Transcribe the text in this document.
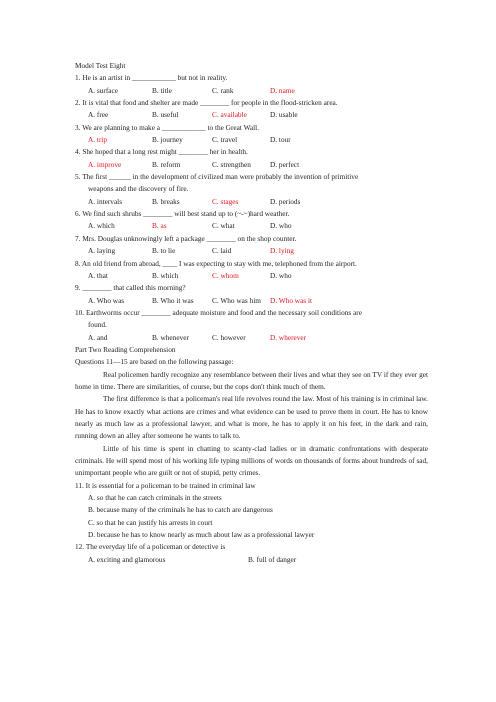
Model Test Eight
1. He is an artist in ____________ but not in reality.
A. surface	B. title	C. rank	D. name
2. It is vital that food and shelter are made ________ for people in the flood-stricken area.
A. free	B. useful	C. available	D. usable
3. We are planning to make a ____________ to the Great Wall.
A. trip	B. journey	C. travel	D. tour
4. She hoped that a long rest might ________ her in health.
A. improve	B. reform	C. strengthen	D. perfect
5. The first ______ in the development of civilized man were probably the invention of primitive
weapons and the discovery of fire.
A. intervals	B. breaks	C. stages	D. periods
6. We find such shrubs ________ will best stand up to (~-~)hard weather.
A. which	B. as	C. what	D. who
7. Mrs. Douglas unknowingly left a package ________ on the shop counter.
A. laying	B. to lie	C. laid	D. lying
8. An old friend from abroad, ____ I was expecting to stay with me, telephoned from the airport.
A. that	B. which	C. whom	D. who
9. ________ that called this morning?
A. Who was	B. Who it was	C. Who was him	D. Who was it
10. Earthworms occur ________ adequate moisture and food and the necessary soil conditions are
found.
A. and	B. whenever	C. however	D. wherever
Part Two Reading Comprehension
Questions 11—15 are based on the following passage:
Real policemen hardly recognize any resemblance between their lives and what they see on TV if they ever get home in time. There are similarities, of course, but the cops don't think much of them.
The first difference is that a policeman's real life revolves round the law. Most of his training is in criminal law. He has to know exactly what actions are crimes and what evidence can be used to prove them in court. He has to know nearly as much law as a professional lawyer, and what is more, he has to apply it on his feet, in the dark and rain, running down an alley after someone he wants to talk to.
Little of his time is spent in chatting to scanty-clad ladies or in dramatic confrontations with desperate criminals. He will spend most of his working life typing millions of words on thousands of forms about hundreds of sad, unimportant people who are guilt or not of stupid, petty crimes.
11. It is essential for a policeman to be trained in criminal law
A. so that he can catch criminals in the streets
B. because many of the criminals he has to catch are dangerous
C. so that he can justify his arrests in court
D. because he has to know nearly as much about law as a professional lawyer
12. The everyday life of a policeman or detective is
A. exciting and glamorous	B. full of danger
